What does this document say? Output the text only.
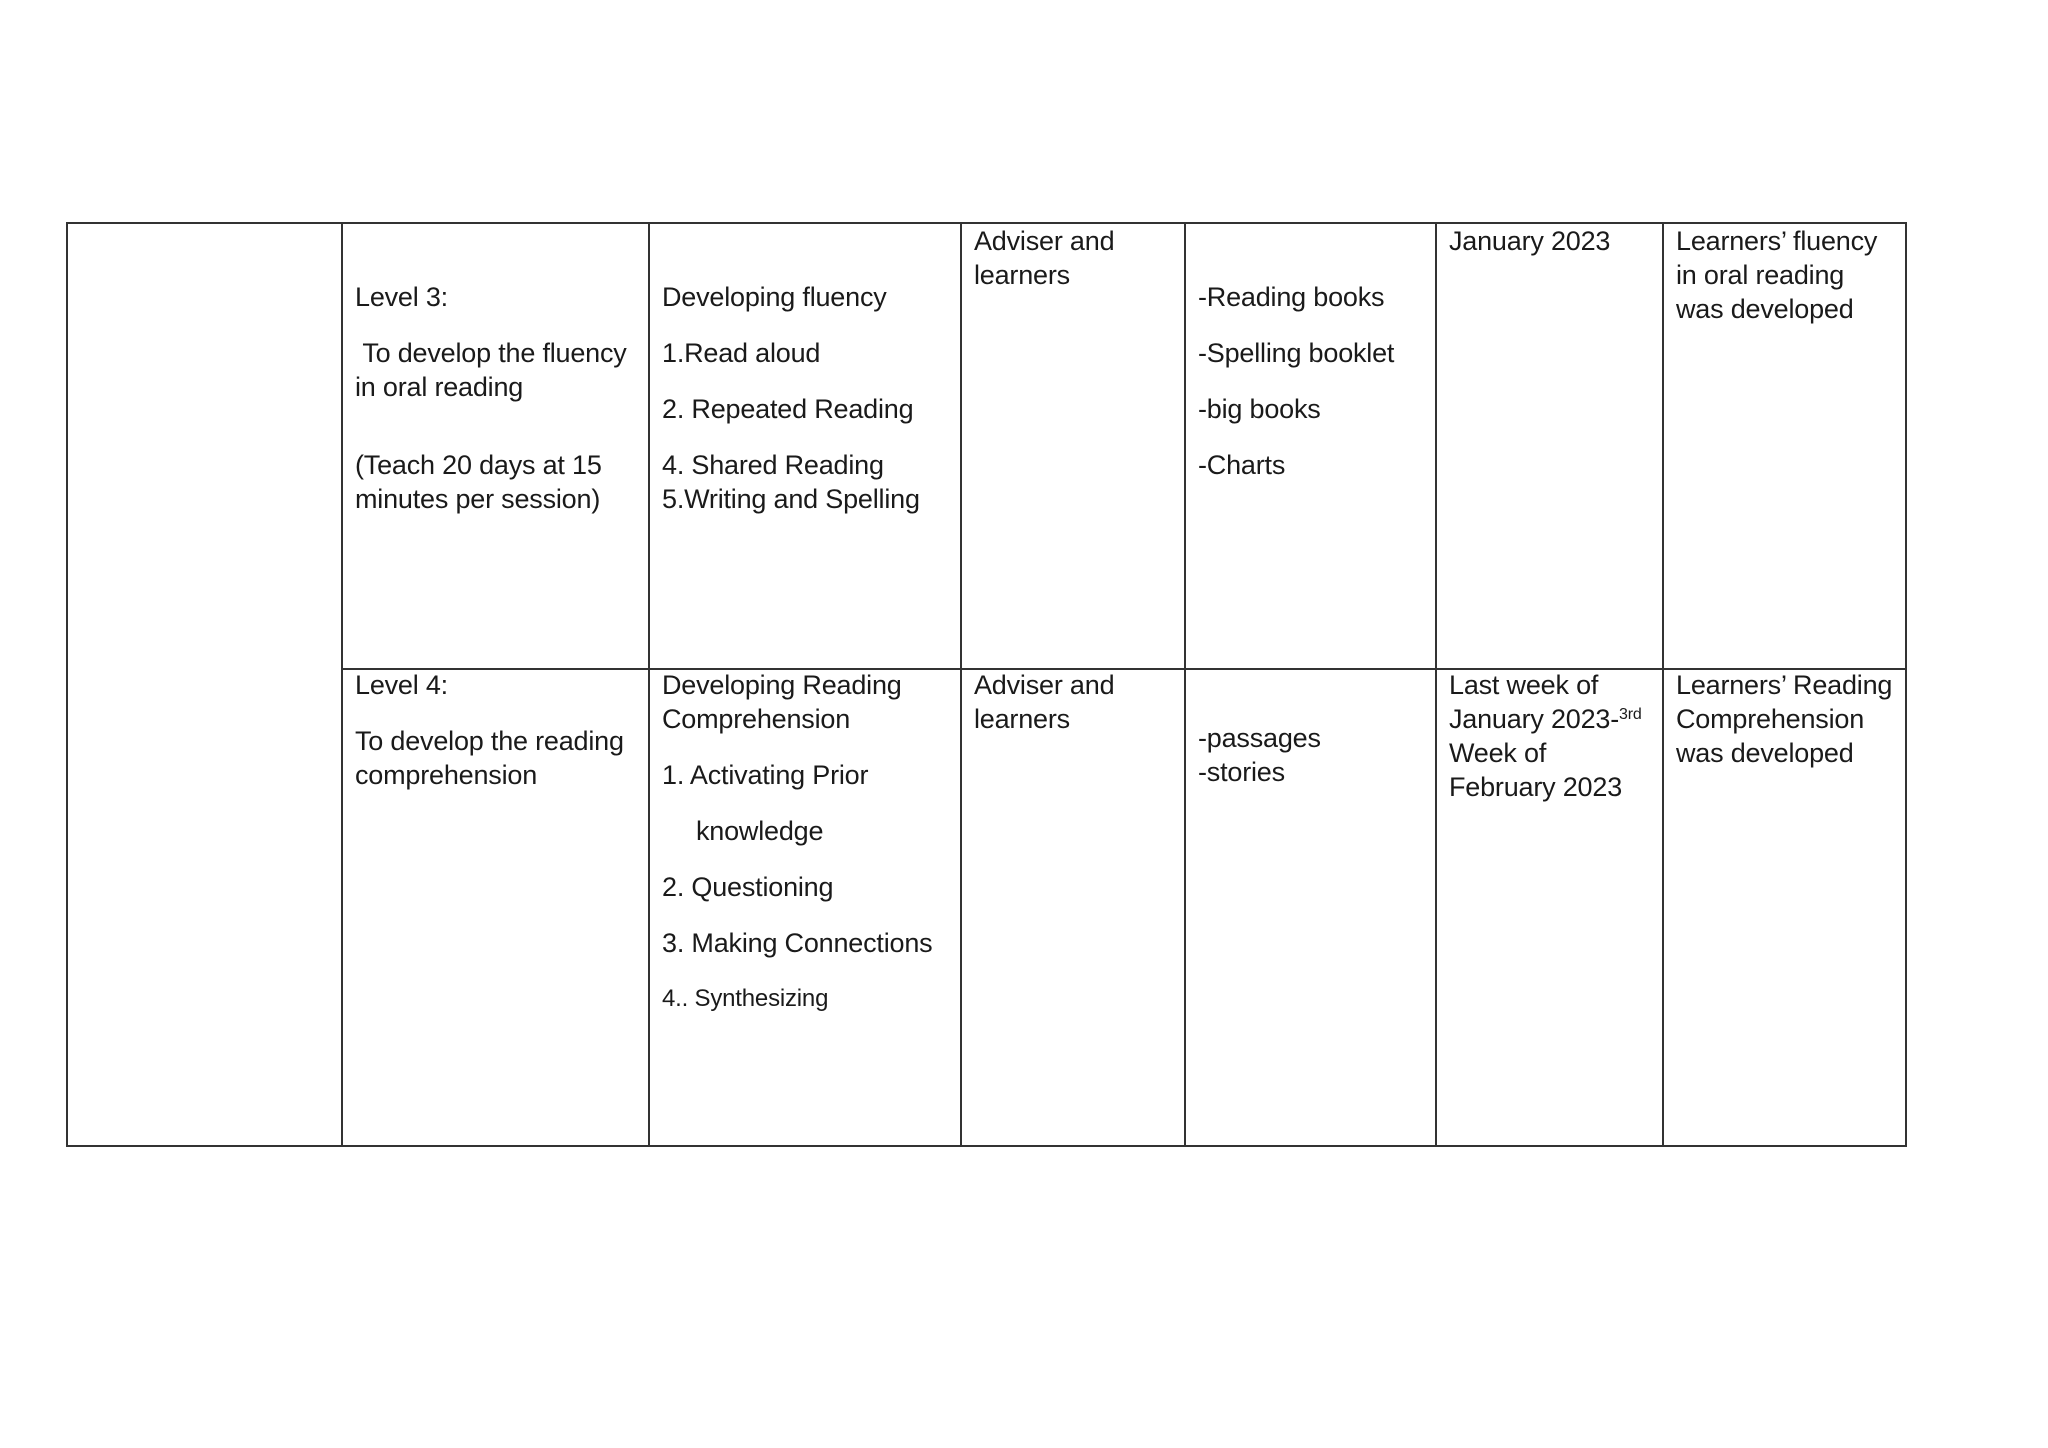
Level 3:

To develop the fluency in oral reading

(Teach 20 days at 15 minutes per session)

Developing fluency

1.Read aloud

2. Repeated Reading

4. Shared Reading

5.Writing and Spelling

Adviser and learners

-Reading books

-Spelling booklet

-big books

-Charts

January 2023	Learners’ fluency in oral reading was developed

Level 4:

To develop the reading comprehension

Developing Reading Comprehension

1. Activating Prior

knowledge

2. Questioning

3. Making Connections

4.. Synthesizing

Adviser and learners

-passages

-stories

Last week of January 2023-$^{3rd}$ Week of February 2023
Learners’ Reading Comprehension was developed
